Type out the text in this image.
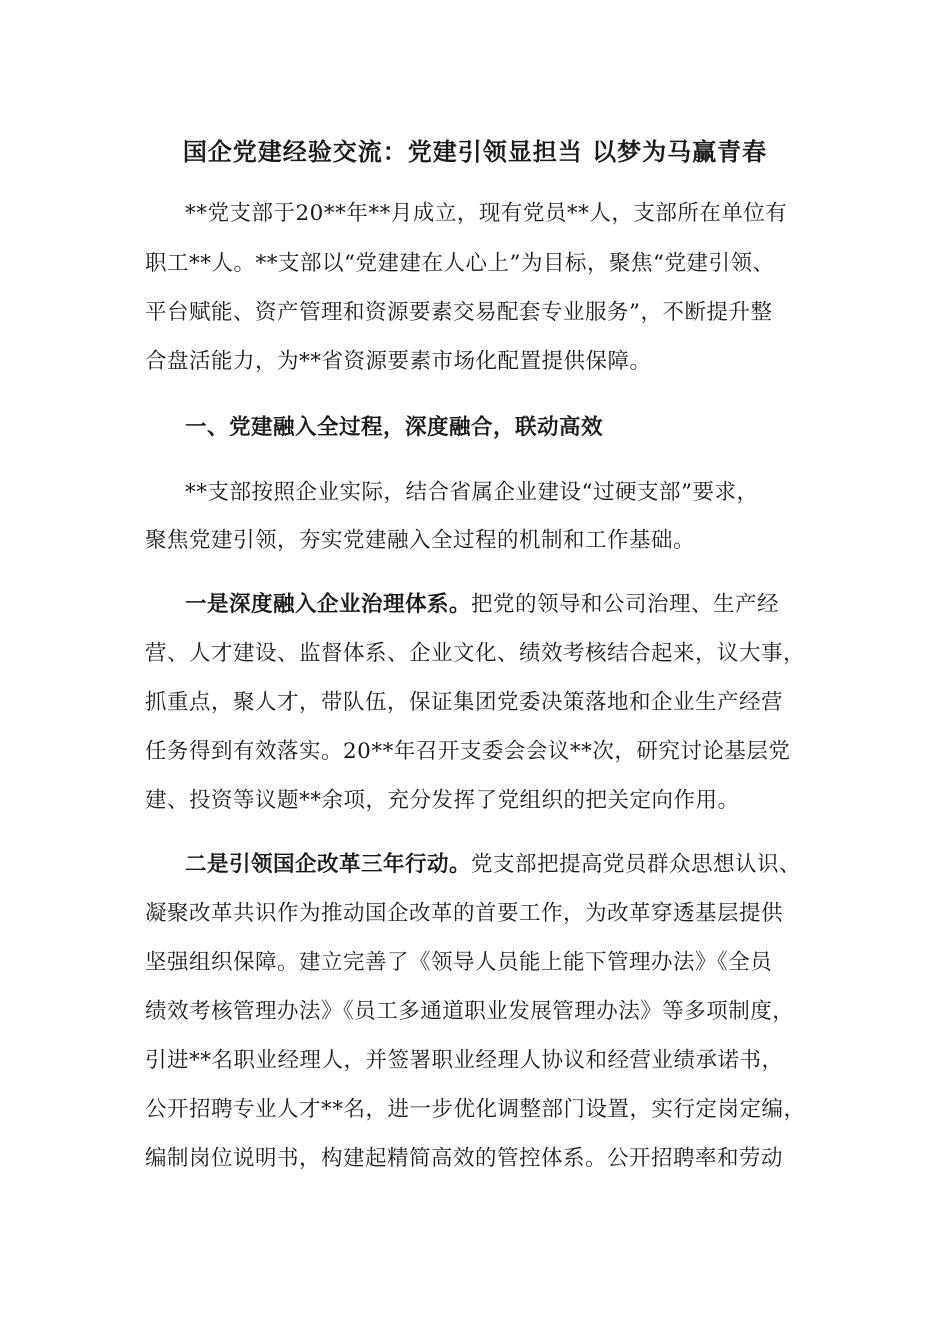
国企党建经验交流：党建引领显担当 以梦为马赢青春
**党支部于20**年**月成立，现有党员**人，支部所在单位有
职工**人。**支部以“党建建在人心上”为目标，聚焦“党建引领、
平台赋能、资产管理和资源要素交易配套专业服务”，不断提升整
合盘活能力，为**省资源要素市场化配置提供保障。
一、党建融入全过程，深度融合，联动高效
**支部按照企业实际，结合省属企业建设“过硬支部”要求，
聚焦党建引领，夯实党建融入全过程的机制和工作基础。
一是深度融入企业治理体系。把党的领导和公司治理、生产经
营、人才建设、监督体系、企业文化、绩效考核结合起来，议大事，
抓重点，聚人才，带队伍，保证集团党委决策落地和企业生产经营
任务得到有效落实。20**年召开支委会会议**次，研究讨论基层党
建、投资等议题**余项，充分发挥了党组织的把关定向作用。
二是引领国企改革三年行动。党支部把提高党员群众思想认识、
凝聚改革共识作为推动国企改革的首要工作，为改革穿透基层提供
坚强组织保障。建立完善了《领导人员能上能下管理办法》《全员
绩效考核管理办法》《员工多通道职业发展管理办法》等多项制度，
引进**名职业经理人，并签署职业经理人协议和经营业绩承诺书，
公开招聘专业人才**名，进一步优化调整部门设置，实行定岗定编，
编制岗位说明书，构建起精简高效的管控体系。公开招聘率和劳动
